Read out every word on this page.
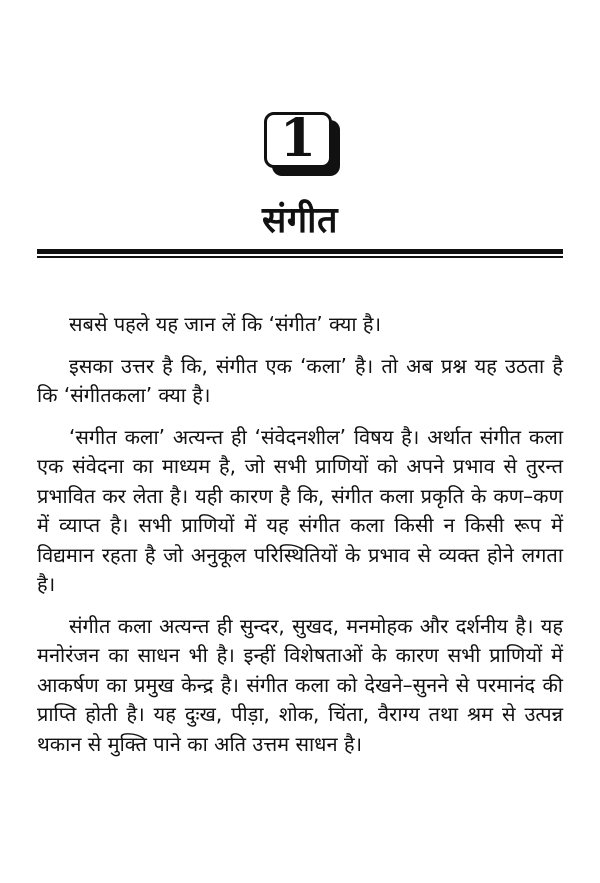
1
संगीत

सबसे पहले यह जान लें कि ‘संगीत’ क्या है।

इसका उत्तर है कि, संगीत एक ‘कला’ है। तो अब प्रश्न यह उठता है कि ‘संगीतकला’ क्या है।

‘सगीत कला’ अत्यन्त ही ‘संवेदनशील’ विषय है। अर्थात संगीत कला एक संवेदना का माध्यम है, जो सभी प्राणियों को अपने प्रभाव से तुरन्त प्रभावित कर लेता है। यही कारण है कि, संगीत कला प्रकृति के कण–कण में व्याप्त है। सभी प्राणियों में यह संगीत कला किसी न किसी रूप में विद्यमान रहता है जो अनुकूल परिस्थितियों के प्रभाव से व्यक्त होने लगता है।

संगीत कला अत्यन्त ही सुन्दर, सुखद, मनमोहक और दर्शनीय है। यह मनोरंजन का साधन भी है। इन्हीं विशेषताओं के कारण सभी प्राणियों में आकर्षण का प्रमुख केन्द्र है। संगीत कला को देखने–सुनने से परमानंद की प्राप्ति होती है। यह दुःख, पीड़ा, शोक, चिंता, वैराग्य तथा श्रम से उत्पन्न थकान से मुक्ति पाने का अति उत्तम साधन है।
